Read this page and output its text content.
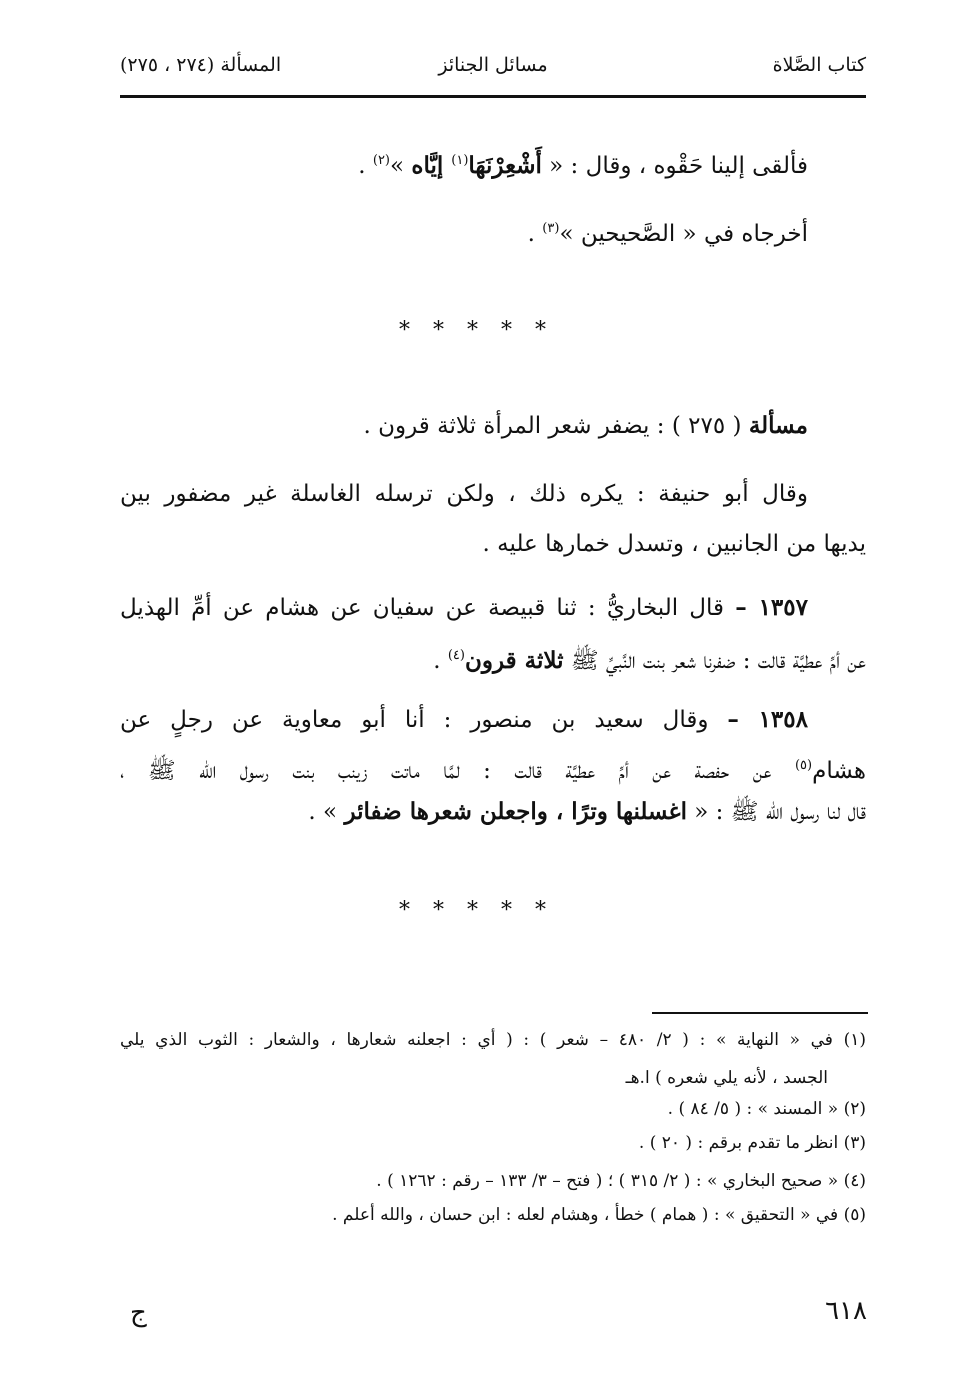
كتاب الصَّلاة
مسائل الجنائز
المسألة (٢٧٤ ، ٢٧٥)
فألقى إلينا حَقْوه ، وقال : « أَشْعِرْنَهَا$^{(١)}$ إيَّاه »$^{(٢)}$ .
أخرجاه في « الصَّحيحين »$^{(٣)}$ .
* * * * *
مسألة ( ٢٧٥ ) : يضفر شعر المرأة ثلاثة قرون .
وقال أبو حنيفة : يكره ذلك ، ولكن ترسله الغاسلة غير مضفور بين
يديها من الجانبين ، وتسدل خمارها عليه .
١٣٥٧ – قال البخاريُّ : ثنا قبيصة عن سفيان عن هشام عن أمِّ الهذيل
عن أمِّ عطيَّة قالت : ضفرنا شعر بنت النَّبيِّ ﷺ ثلاثة قرون$^{(٤)}$ .
١٣٥٨ – وقال سعيد بن منصور : أنا أبو معاوية عن رجلٍ عن
هشام$^{(٥)}$ عن حفصة عن أمِّ عطيَّة قالت : لمَّا ماتت زينب بنت رسول الله ﷺ ،
قال لنا رسول الله ﷺ : « اغسلنها وترًا ، واجعلن شعرها ضفائر » .
* * * * *
(١) في « النهاية » : ( ٢/ ٤٨٠ – شعر ) : ( أي : اجعلنه شعارها ، والشعار : الثوب الذي يلي
الجسد ، لأنه يلي شعره ) ا.هـ
(٢) « المسند » : ( ٥/ ٨٤ ) .
(٣) انظر ما تقدم برقم : ( ٢٠ ) .
(٤) « صحيح البخاري » : ( ٢/ ٣١٥ ) ؛ ( فتح – ٣/ ١٣٣ – رقم : ١٢٦٢ ) .
(٥) في « التحقيق » : ( همام ) خطأ ، وهشام لعله : ابن حسان ، والله أعلم .
٦١٨
ج
